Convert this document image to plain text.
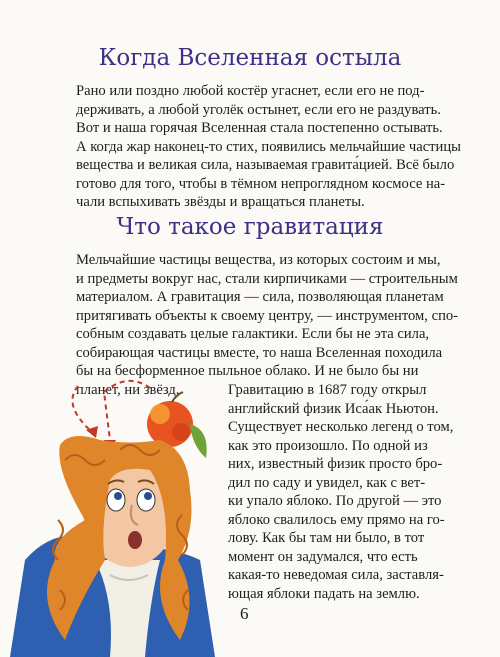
Когда Вселенная остыла
Рано или поздно любой костёр угаснет, если его не под-
держивать, а любой уголёк остынет, если его не раздувать.
Вот и наша горячая Вселенная стала постепенно остывать.
А когда жар наконец-то стих, появились мельчайшие частицы
вещества и великая сила, называемая гравита́цией. Всё было
готово для того, чтобы в тёмном непроглядном космосе на-
чали вспыхивать звёзды и вращаться планеты.
Что такое гравитация
Мельчайшие частицы вещества, из которых состоим и мы,
и предметы вокруг нас, стали кирпичиками — строительным
материалом. А гравитация — сила, позволяющая планетам
притягивать объекты к своему центру, — инструментом, спо-
собным создавать целые галактики. Если бы не эта сила,
собирающая частицы вместе, то наша Вселенная походила
бы на бесформенное пыльное облако. И не было бы ни
планет, ни звёзд.	Гравитацию в 1687 году открыл
английский физик Иса́ак Ньютон.
Существует несколько легенд о том,
как это произошло. По одной из
них, известный физик просто бро-
дил по саду и увидел, как с вет-
ки упало яблоко. По другой — это
яблоко свалилось ему прямо на го-
лову. Как бы там ни было, в тот
момент он задумался, что есть
какая-то неведомая сила, заставля-
ющая яблоки падать на землю.
6
